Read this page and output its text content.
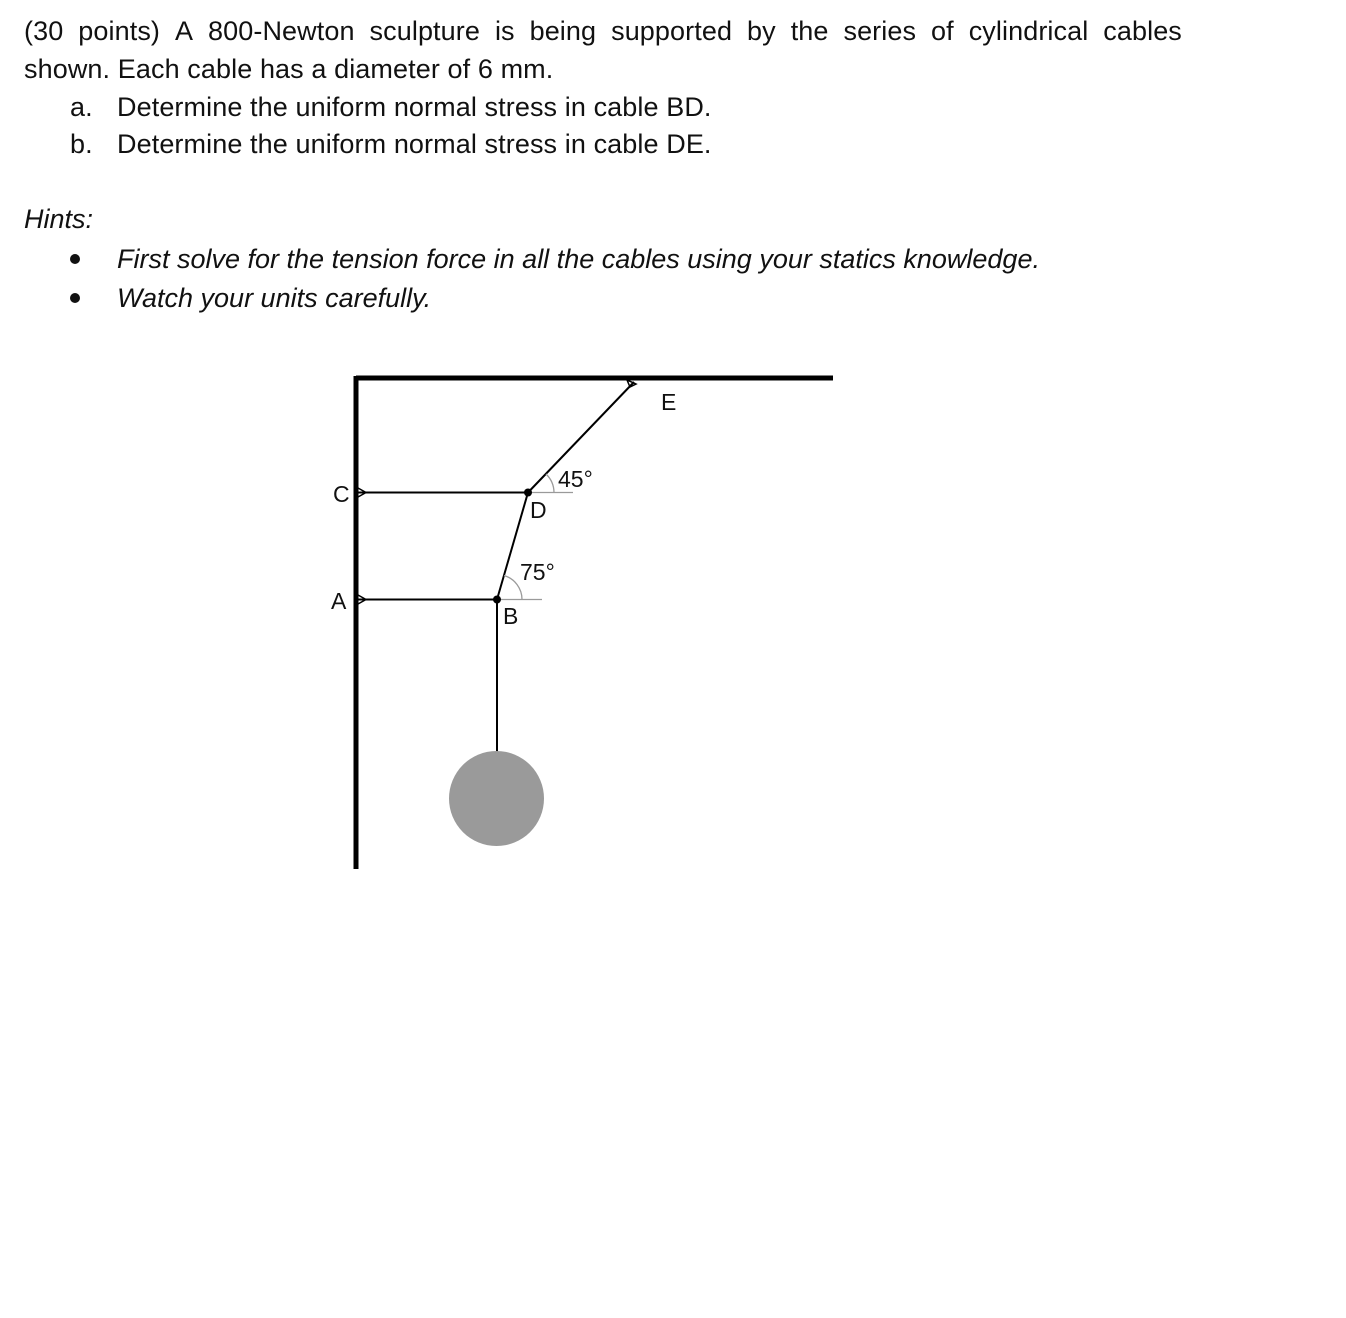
(30 points) A 800-Newton sculpture is being supported by the series of cylindrical cables
shown. Each cable has a diameter of 6 mm.
a. Determine the uniform normal stress in cable BD.
b. Determine the uniform normal stress in cable DE.
Hints:
First solve for the tension force in all the cables using your statics knowledge.
Watch your units carefully.
C
A
E
D
B
45°
75°
